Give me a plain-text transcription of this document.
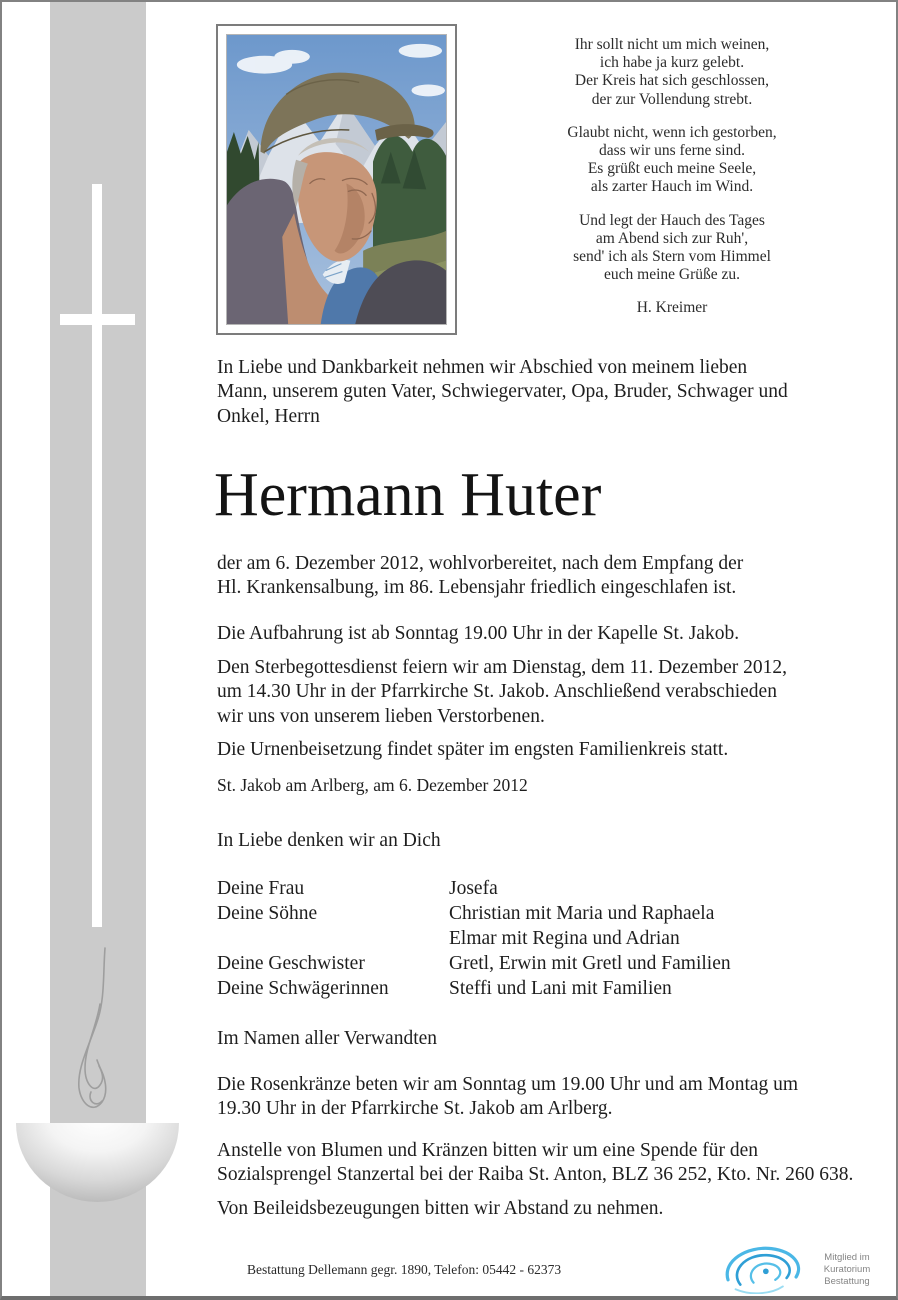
Ihr sollt nicht um mich weinen,
ich habe ja kurz gelebt.
Der Kreis hat sich geschlossen,
der zur Vollendung strebt.
Glaubt nicht, wenn ich gestorben,
dass wir uns ferne sind.
Es grüßt euch meine Seele,
als zarter Hauch im Wind.
Und legt der Hauch des Tages
am Abend sich zur Ruh',
send' ich als Stern vom Himmel
euch meine Grüße zu.
H. Kreimer
In Liebe und Dankbarkeit nehmen wir Abschied von meinem lieben
Mann, unserem guten Vater, Schwiegervater, Opa, Bruder, Schwager und
Onkel, Herrn
Hermann Huter
der am 6. Dezember 2012, wohlvorbereitet, nach dem Empfang der
Hl. Krankensalbung, im 86. Lebensjahr friedlich eingeschlafen ist.
Die Aufbahrung ist ab Sonntag 19.00 Uhr in der Kapelle St. Jakob.
Den Sterbegottesdienst feiern wir am Dienstag, dem 11. Dezember 2012,
um 14.30 Uhr in der Pfarrkirche St. Jakob. Anschließend verabschieden
wir uns von unserem lieben Verstorbenen.
Die Urnenbeisetzung findet später im engsten Familienkreis statt.
St. Jakob am Arlberg, am 6. Dezember 2012
In Liebe denken wir an Dich
Deine Frau	Josefa
Deine Söhne	Christian mit Maria und Raphaela
Elmar mit Regina und Adrian
Deine Geschwister	Gretl, Erwin mit Gretl und Familien
Deine Schwägerinnen	Steffi und Lani mit Familien
Im Namen aller Verwandten
Die Rosenkränze beten wir am Sonntag um 19.00 Uhr und am Montag um
19.30 Uhr in der Pfarrkirche St. Jakob am Arlberg.
Anstelle von Blumen und Kränzen bitten wir um eine Spende für den
Sozialsprengel Stanzertal bei der Raiba St. Anton, BLZ 36 252, Kto. Nr. 260 638.
Von Beileidsbezeugungen bitten wir Abstand zu nehmen.
Bestattung Dellemann gegr. 1890, Telefon: 05442 - 62373
Mitglied im
Kuratorium Bestattung
